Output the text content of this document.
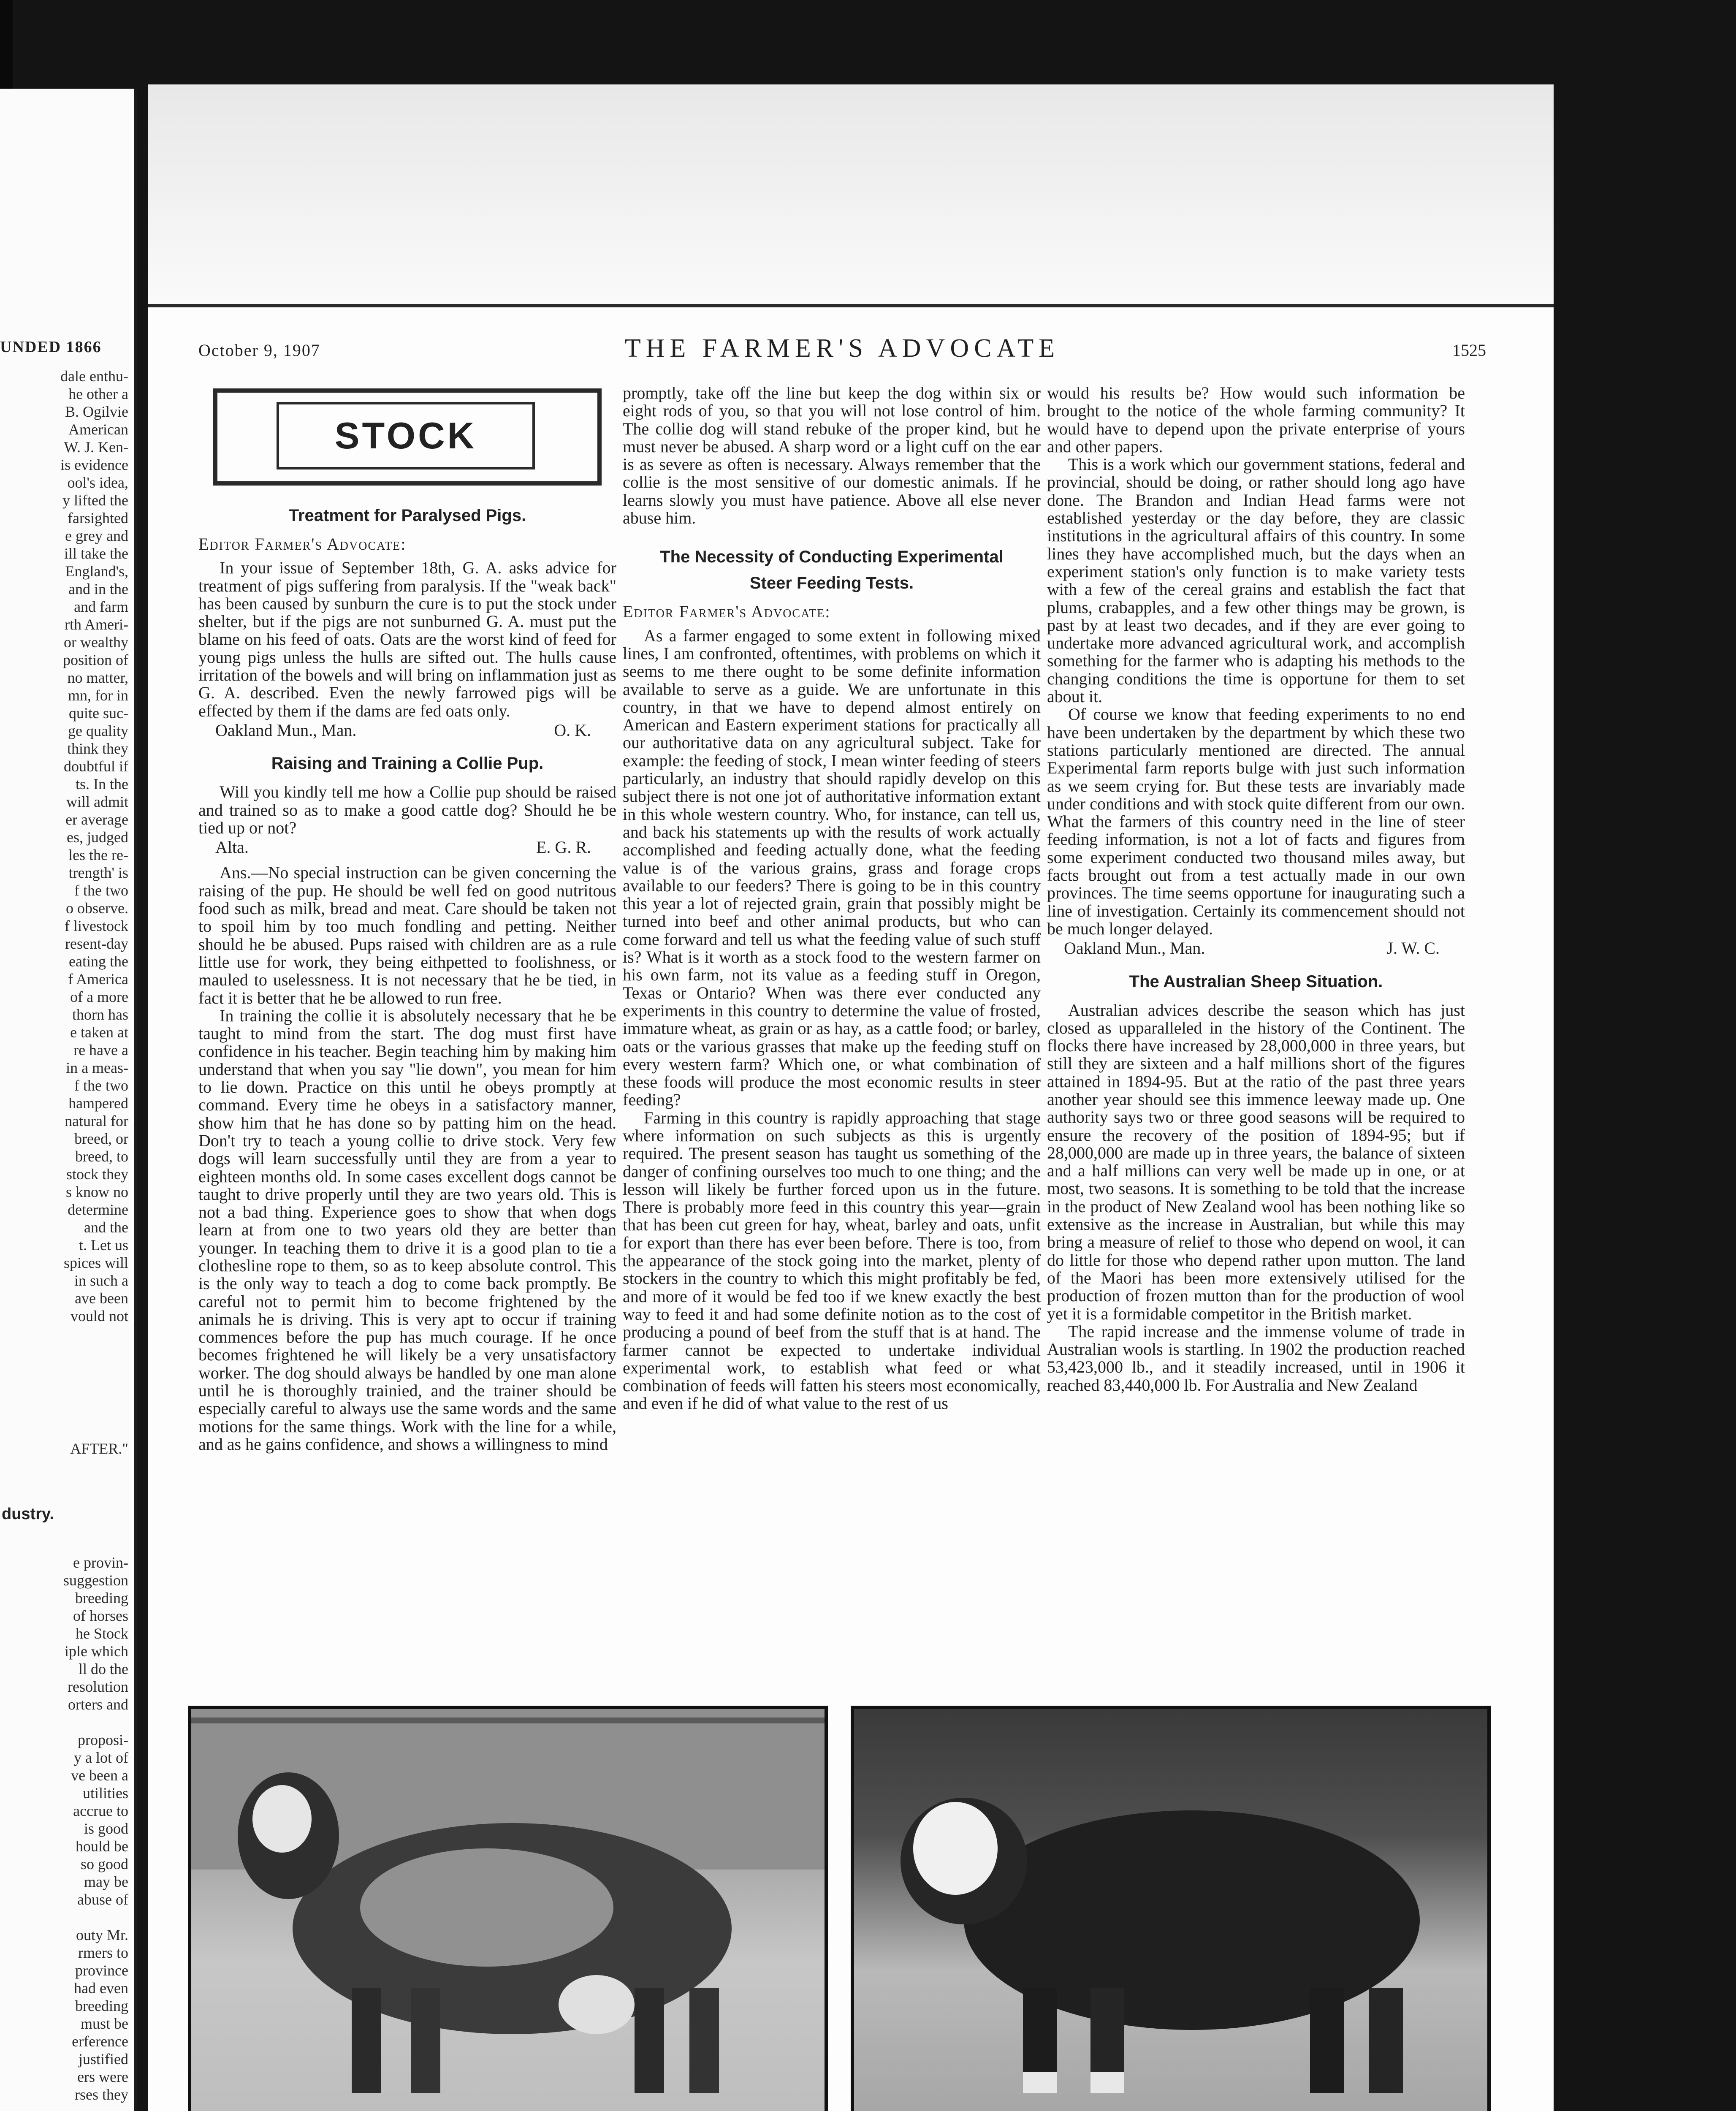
UNDED 1866
dale enthu-
he other a
B. Ogilvie
American
W. J. Ken-
is evidence
ool's idea,
y lifted the
farsighted
e grey and
ill take the
England's,
and in the
and farm
rth Ameri-
or wealthy
position of
no matter,
mn, for in
quite suc-
ge quality
think they
doubtful if
ts. In the
will admit
er average
es, judged
les the re-
trength' is
f the two
o observe.
f livestock
resent-day
eating the
f America
of a more
thorn has
e taken at
re have a
in a meas-
f the two
hampered
natural for
breed, or
breed, to
stock they
s know no
determine
and the
t. Let us
spices will
in such a
ave been
vould not
AFTER."
dustry.
e provin-
suggestion
breeding
of horses
he Stock
iple which
ll do the
resolution
orters and

proposi-
y a lot of
ve been a
utilities
accrue to
is good
hould be
so good
may be
abuse of

outy Mr.
rmers to
province
had even
breeding
must be
erference
justified
ers were
rses they

THE FARMER'S ADVOCATE
October 9, 1907	1525
STOCK

Treatment for Paralysed Pigs.

Editor Farmer's Advocate:

In your issue of September 18th, G. A. asks advice for treatment of pigs suffering from paralysis. If the "weak back" has been caused by sunburn the cure is to put the stock under shelter, but if the pigs are not sunburned G. A. must put the blame on his feed of oats. Oats are the worst kind of feed for young pigs unless the hulls are sifted out. The hulls cause irritation of the bowels and will bring on inflammation just as G. A. described. Even the newly farrowed pigs will be effected by them if the dams are fed oats only.

Oakland Mun., Man.	O. K.

Raising and Training a Collie Pup.

Will you kindly tell me how a Collie pup should be raised and trained so as to make a good cattle dog? Should he be tied up or not?

Alta.	E. G. R.

Ans.—No special instruction can be given concerning the raising of the pup. He should be well fed on good nutritous food such as milk, bread and meat. Care should be taken not to spoil him by too much fondling and petting. Neither should he be abused. Pups raised with children are as a rule little use for work, they being eithpetted to foolishness, or mauled to uselessness. It is not necessary that he be tied, in fact it is better that he be allowed to run free.

In training the collie it is absolutely necessary that he be taught to mind from the start. The dog must first have confidence in his teacher. Begin teaching him by making him understand that when you say "lie down", you mean for him to lie down. Practice on this until he obeys promptly at command. Every time he obeys in a satisfactory manner, show him that he has done so by patting him on the head. Don't try to teach a young collie to drive stock. Very few dogs will learn successfully until they are from a year to eighteen months old. In some cases excellent dogs cannot be taught to drive properly until they are two years old. This is not a bad thing. Experience goes to show that when dogs learn at from one to two years old they are better than younger. In teaching them to drive it is a good plan to tie a clothesline rope to them, so as to keep absolute control. This is the only way to teach a dog to come back promptly. Be careful not to permit him to become frightened by the animals he is driving. This is very apt to occur if training commences before the pup has much courage. If he once becomes frightened he will likely be a very unsatisfactory worker. The dog should always be handled by one man alone until he is thoroughly trainied, and the trainer should be especially careful to always use the same words and the same motions for the same things. Work with the line for a while, and as he gains confidence, and shows a willingness to mind

promptly, take off the line but keep the dog within six or eight rods of you, so that you will not lose control of him. The collie dog will stand rebuke of the proper kind, but he must never be abused. A sharp word or a light cuff on the ear is as severe as often is necessary. Always remember that the collie is the most sensitive of our domestic animals. If he learns slowly you must have patience. Above all else never abuse him.

The Necessity of Conducting Experimental

Steer Feeding Tests.

Editor Farmer's Advocate:

As a farmer engaged to some extent in following mixed lines, I am confronted, oftentimes, with problems on which it seems to me there ought to be some definite information available to serve as a guide. We are unfortunate in this country, in that we have to depend almost entirely on American and Eastern experiment stations for practically all our authoritative data on any agricultural subject. Take for example: the feeding of stock, I mean winter feeding of steers particularly, an industry that should rapidly develop on this subject there is not one jot of authoritative information extant in this whole western country. Who, for instance, can tell us, and back his statements up with the results of work actually accomplished and feeding actually done, what the feeding value is of the various grains, grass and forage crops available to our feeders? There is going to be in this country this year a lot of rejected grain, grain that possibly might be turned into beef and other animal products, but who can come forward and tell us what the feeding value of such stuff is? What is it worth as a stock food to the western farmer on his own farm, not its value as a feeding stuff in Oregon, Texas or Ontario? When was there ever conducted any experiments in this country to determine the value of frosted, immature wheat, as grain or as hay, as a cattle food; or barley, oats or the various grasses that make up the feeding stuff on every western farm? Which one, or what combination of these foods will produce the most economic results in steer feeding?

Farming in this country is rapidly approaching that stage where information on such subjects as this is urgently required. The present season has taught us something of the danger of confining ourselves too much to one thing; and the lesson will likely be further forced upon us in the future. There is probably more feed in this country this year—grain that has been cut green for hay, wheat, barley and oats, unfit for export than there has ever been before. There is too, from the appearance of the stock going into the market, plenty of stockers in the country to which this might profitably be fed, and more of it would be fed too if we knew exactly the best way to feed it and had some definite notion as to the cost of producing a pound of beef from the stuff that is at hand. The farmer cannot be expected to undertake individual experimental work, to establish what feed or what combination of feeds will fatten his steers most economically, and even if he did of what value to the rest of us

would his results be? How would such information be brought to the notice of the whole farming community? It would have to depend upon the private enterprise of yours and other papers.

This is a work which our government stations, federal and provincial, should be doing, or rather should long ago have done. The Brandon and Indian Head farms were not established yesterday or the day before, they are classic institutions in the agricultural affairs of this country. In some lines they have accomplished much, but the days when an experiment station's only function is to make variety tests with a few of the cereal grains and establish the fact that plums, crabapples, and a few other things may be grown, is past by at least two decades, and if they are ever going to undertake more advanced agricultural work, and accomplish something for the farmer who is adapting his methods to the changing conditions the time is opportune for them to set about it.

Of course we know that feeding experiments to no end have been undertaken by the department by which these two stations particularly mentioned are directed. The annual Experimental farm reports bulge with just such information as we seem crying for. But these tests are invariably made under conditions and with stock quite different from our own. What the farmers of this country need in the line of steer feeding information, is not a lot of facts and figures from some experiment conducted two thousand miles away, but facts brought out from a test actually made in our own provinces. The time seems opportune for inaugurating such a line of investigation. Certainly its commencement should not be much longer delayed.

Oakland Mun., Man.	J. W. C.

The Australian Sheep Situation.

Australian advices describe the season which has just closed as upparalleled in the history of the Continent. The flocks there have increased by 28,000,000 in three years, but still they are sixteen and a half millions short of the figures attained in 1894-95. But at the ratio of the past three years another year should see this immence leeway made up. One authority says two or three good seasons will be required to ensure the recovery of the position of 1894-95; but if 28,000,000 are made up in three years, the balance of sixteen and a half millions can very well be made up in one, or at most, two seasons. It is something to be told that the increase in the product of New Zealand wool has been nothing like so extensive as the increase in Australian, but while this may bring a measure of relief to those who depend on wool, it can do little for those who depend rather upon mutton. The land of the Maori has been more extensively utilised for the production of frozen mutton than for the production of wool yet it is a formidable competitor in the British market.

The rapid increase and the immense volume of trade in Australian wools is startling. In 1902 the production reached 53,423,000 lb., and it steadily increased, until in 1906 it reached 83,440,000 lb. For Australia and New Zealand
